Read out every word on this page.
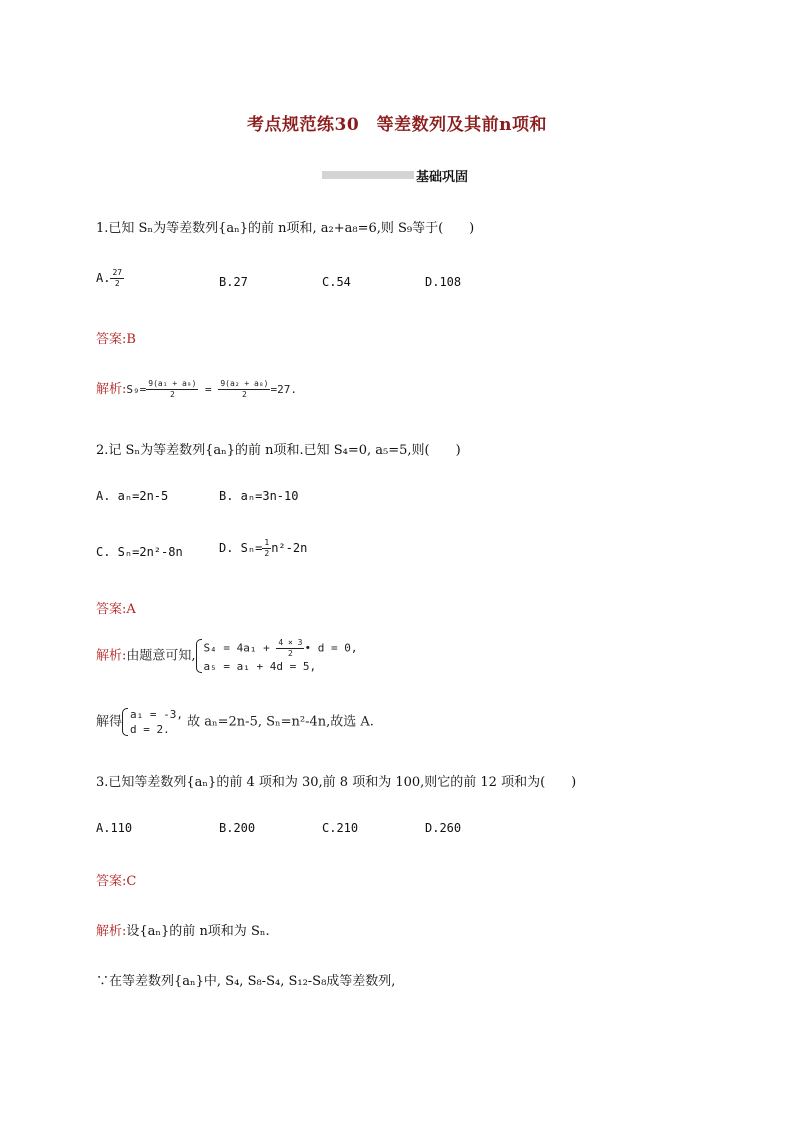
考点规范练30　等差数列及其前n项和
基础巩固
1.已知 Sₙ为等差数列{aₙ}的前 n项和, a₂+a₈=6,则 S₉等于(　　)
A. $\frac{27}{2}$	B.27	C.54	D.108
答案:B
解析:S₉= $\frac{\text{9(a₁ + a₉)}}{2} = \frac{\text{9(a₂ + a₈)}}{2} =27$.
2.记 Sₙ为等差数列{aₙ}的前 n项和.已知 S₄=0, a₅=5,则(　　)
A. aₙ=2n-5	B. aₙ=3n-10
C. Sₙ=2n²-8n	D. $S_n= \frac{1}{2} n^2-2n$
答案:A
解析:由题意可知,
$S_4 = 4a_1 + \frac{4 \times 3}{2}$ • d = 0,
a₅ = a₁ + 4d = 5,
解得 a₁ = -3,
d = 2.	故 aₙ=2n-5, Sₙ=n²-4n,故选 A.
3.已知等差数列{aₙ}的前 4 项和为 30,前 8 项和为 100,则它的前 12 项和为(　　)
A.110	B.200	C.210	D.260
答案:C
解析:设{aₙ}的前 n项和为 Sₙ.
∵在等差数列{aₙ}中, S₄, S₈-S₄, S₁₂-S₈成等差数列,
